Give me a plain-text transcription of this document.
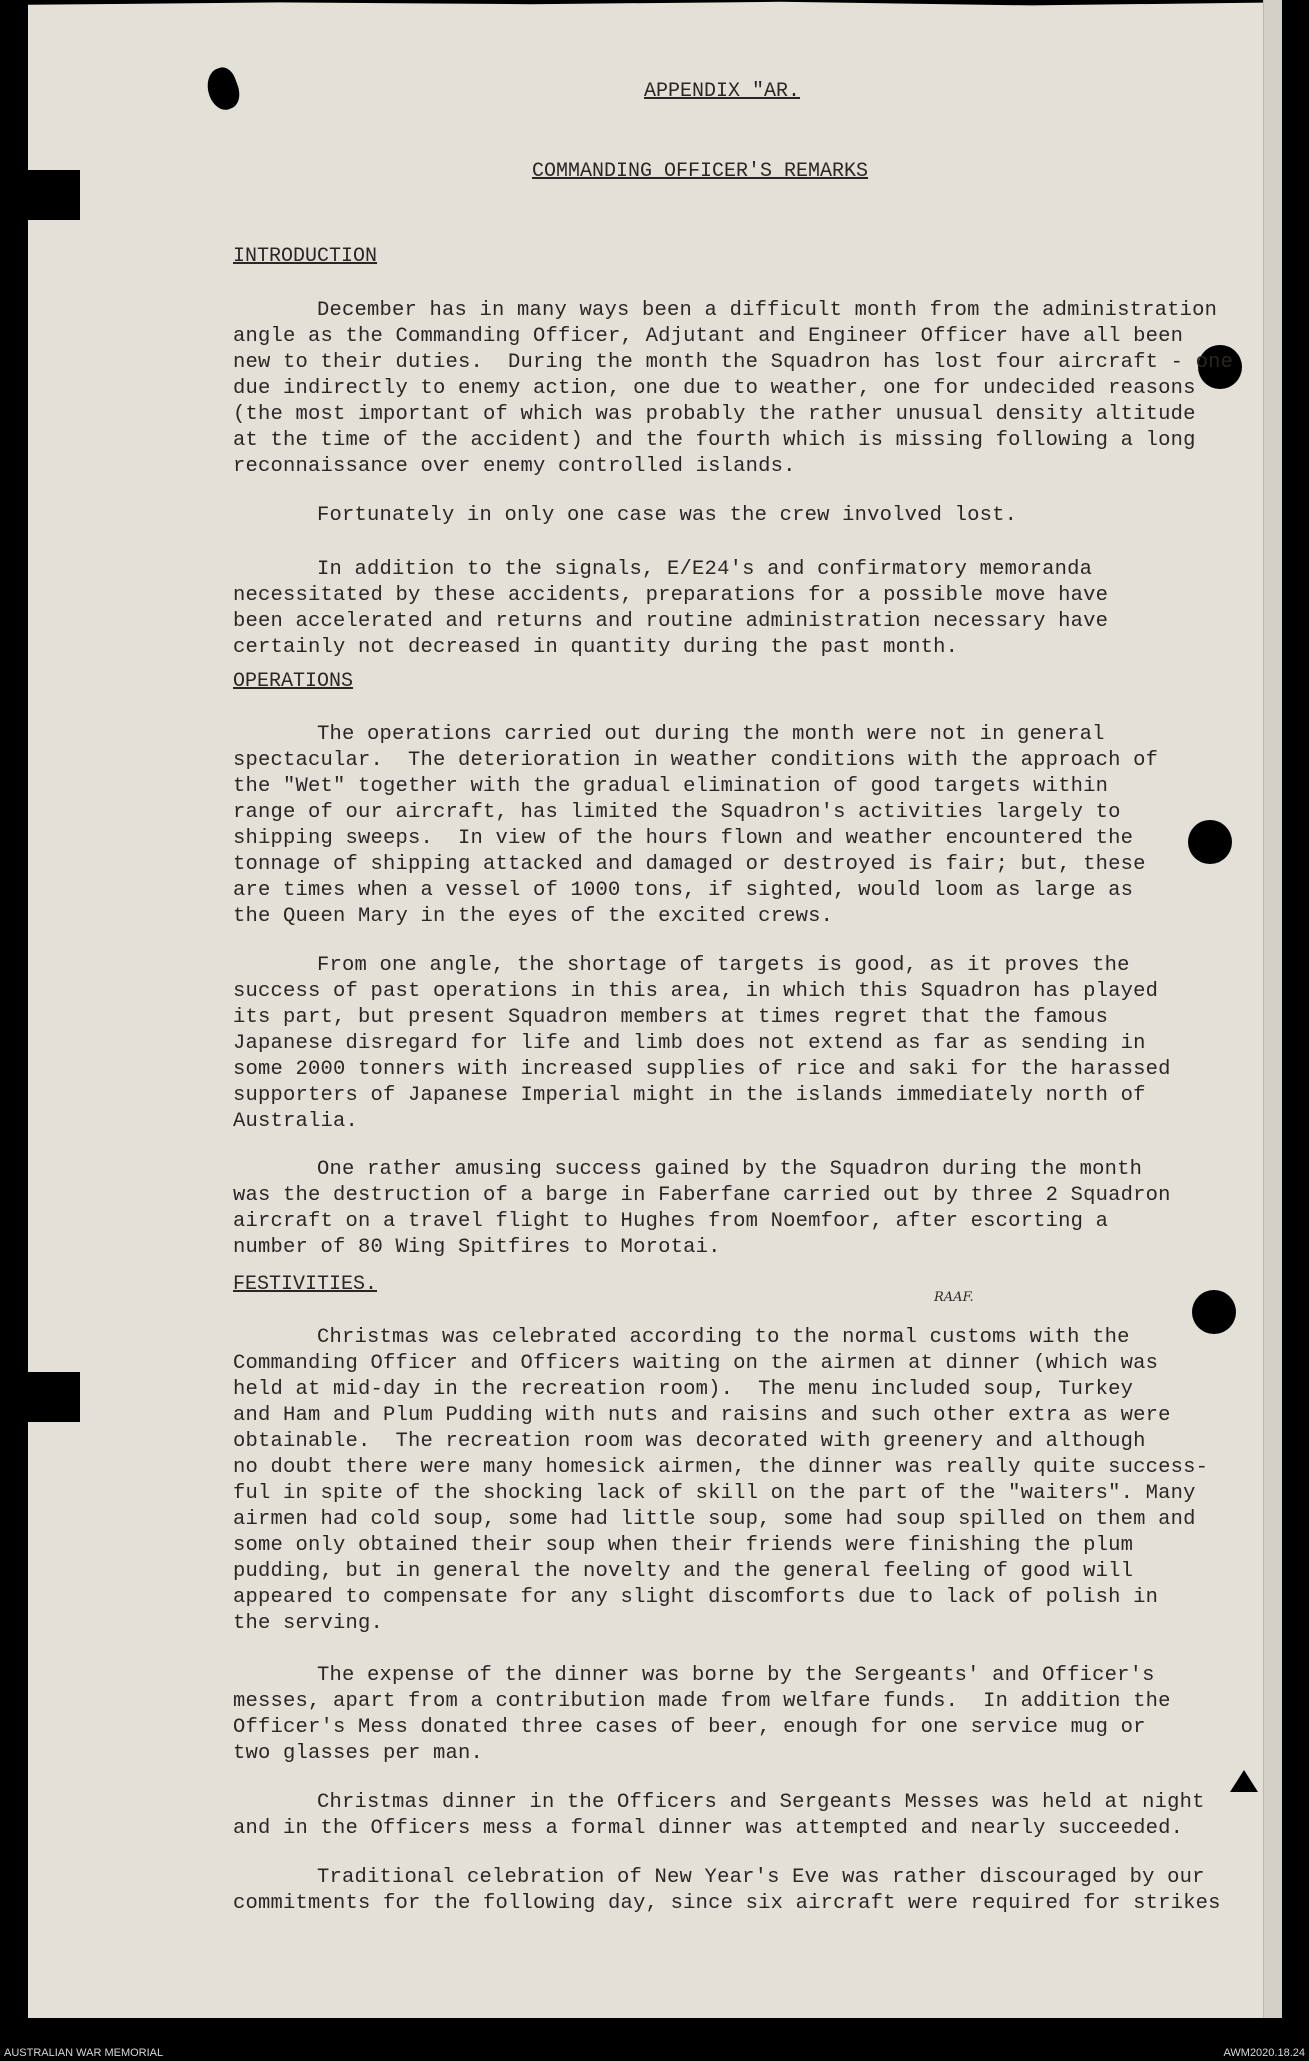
APPENDIX "AR.
COMMANDING OFFICER'S REMARKS
INTRODUCTION
OPERATIONS
FESTIVITIES.
RAAF.
December has in many ways been a difficult month from the administration
angle as the Commanding Officer, Adjutant and Engineer Officer have all been
new to their duties.  During the month the Squadron has lost four aircraft - one
due indirectly to enemy action, one due to weather, one for undecided reasons
(the most important of which was probably the rather unusual density altitude
at the time of the accident) and the fourth which is missing following a long
reconnaissance over enemy controlled islands.
Fortunately in only one case was the crew involved lost.
In addition to the signals, E/E24's and confirmatory memoranda
necessitated by these accidents, preparations for a possible move have
been accelerated and returns and routine administration necessary have
certainly not decreased in quantity during the past month.
The operations carried out during the month were not in general
spectacular.  The deterioration in weather conditions with the approach of
the "Wet" together with the gradual elimination of good targets within
range of our aircraft, has limited the Squadron's activities largely to
shipping sweeps.  In view of the hours flown and weather encountered the
tonnage of shipping attacked and damaged or destroyed is fair; but, these
are times when a vessel of 1000 tons, if sighted, would loom as large as
the Queen Mary in the eyes of the excited crews.
From one angle, the shortage of targets is good, as it proves the
success of past operations in this area, in which this Squadron has played
its part, but present Squadron members at times regret that the famous
Japanese disregard for life and limb does not extend as far as sending in
some 2000 tonners with increased supplies of rice and saki for the harassed
supporters of Japanese Imperial might in the islands immediately north of
Australia.
One rather amusing success gained by the Squadron during the month
was the destruction of a barge in Faberfane carried out by three 2 Squadron
aircraft on a travel flight to Hughes from Noemfoor, after escorting a
number of 80 Wing Spitfires to Morotai.
Christmas was celebrated according to the normal customs with the
Commanding Officer and Officers waiting on the airmen at dinner (which was
held at mid-day in the recreation room).  The menu included soup, Turkey
and Ham and Plum Pudding with nuts and raisins and such other extra as were
obtainable.  The recreation room was decorated with greenery and although
no doubt there were many homesick airmen, the dinner was really quite success-
ful in spite of the shocking lack of skill on the part of the "waiters". Many
airmen had cold soup, some had little soup, some had soup spilled on them and
some only obtained their soup when their friends were finishing the plum
pudding, but in general the novelty and the general feeling of good will
appeared to compensate for any slight discomforts due to lack of polish in
the serving.
The expense of the dinner was borne by the Sergeants' and Officer's
messes, apart from a contribution made from welfare funds.  In addition the
Officer's Mess donated three cases of beer, enough for one service mug or
two glasses per man.
Christmas dinner in the Officers and Sergeants Messes was held at night
and in the Officers mess a formal dinner was attempted and nearly succeeded.
Traditional celebration of New Year's Eve was rather discouraged by our
commitments for the following day, since six aircraft were required for strikes
AUSTRALIAN WAR MEMORIAL	AWM2020.18.24
